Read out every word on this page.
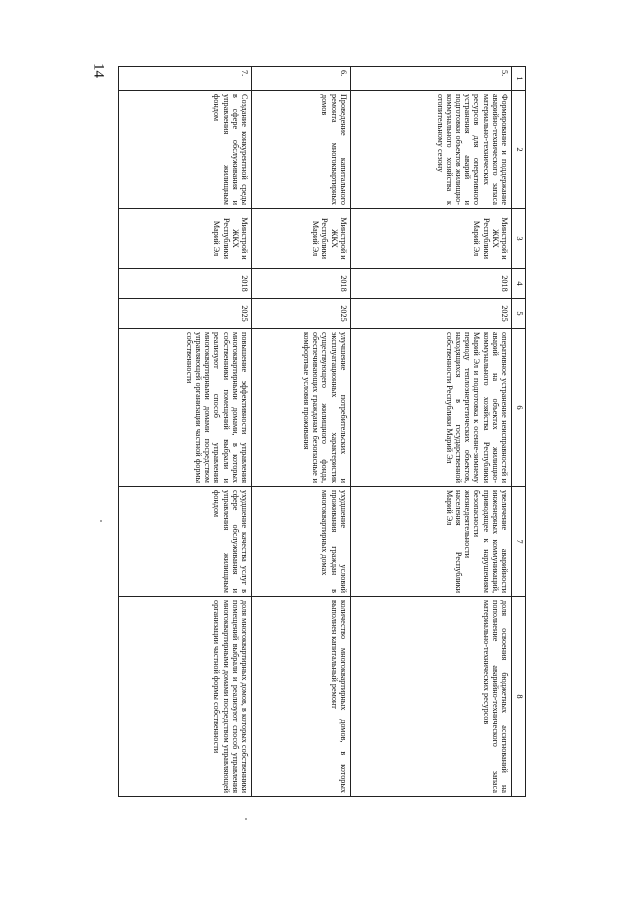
14
1	2	3	4	5	6	7	8
5.	Формирование и поддержание аварийно-технического запаса материально-технических ресурсов для оперативного устранения аварий и подготовки объектов жилищно-коммунального хозяйства к отопительному сезону	Минстрой и ЖКХ Республики Марий Эл	2018	2025	оперативное устранение неисправностей и аварий на объектах жилищно-коммунального хозяйства Республики Марий Эл и подготовка к осенне-зимнему периоду теплоэнергетических объектов, находящихся в государственной собственности Республики Марий Эл	увеличение аварийности инженерных коммуникаций, приводящее к нарушениям безопасности жизнедеятельности населения Республики Марий Эл	доля освоения бюджетных ассигнований на пополнение аварийно-технического запаса материально-технических ресурсов
6.	Проведение капитального ремонта многоквартирных домов	Минстрой и ЖКХ Республики Марий Эл	2018	2025	улучшение потребительских и эксплуатационных характеристик существующего жилищного фонда, обеспечивающих гражданам безопасные и комфортные условия проживания	ухудшение условий проживания граждан в многоквартирных домах	количество многоквартирных домов, в которых выполнен капитальный ремонт
7.	Создание конкурентной среды в сфере обслуживания и управления жилищным фондом	Минстрой и ЖКХ Республики Марий Эл	2018	2025	повышение эффективности управления многоквартирными домами, в которых собственники помещений выбрали и реализуют способ управления многоквартирными домами посредством управляющей организации частной формы собственности	ухудшение качества услуг в сфере обслуживания и управления жилищным фондом	доля многоквартирных домов, в которых собственники помещений выбрали и реализуют способ управления многоквартирными домами посредством управляющей организации частной формы собственности
